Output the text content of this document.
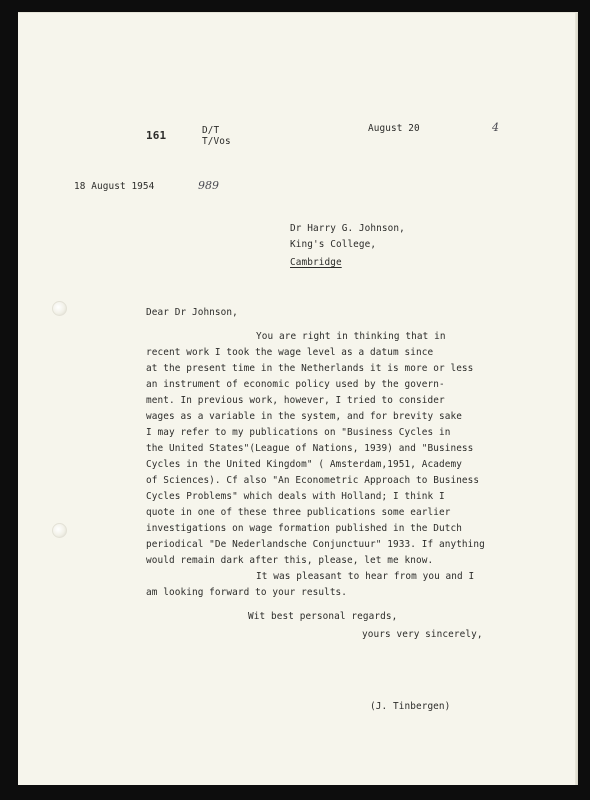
161	D/T
T/Vos
August 20	4
18 August 1954	989
Dr Harry G. Johnson,
King's College,
Cambridge
Dear Dr Johnson,
You are right in thinking that in
recent work I took the wage level as a datum since
at the present time in the Netherlands it is more or less
an instrument of economic policy used by the govern-
ment. In previous work, however, I tried to consider
wages as a variable in the system, and for brevity sake
I may refer to my publications on "Business Cycles in
the United States"(League of Nations, 1939) and "Business
Cycles in the United Kingdom" ( Amsterdam,1951, Academy
of Sciences). Cf also "An Econometric Approach to Business
Cycles Problems" which deals with Holland; I think I
quote in one of these three publications some earlier
investigations on wage formation published in the Dutch
periodical "De Nederlandsche Conjunctuur" 1933. If anything
would remain dark after this, please, let me know.
It was pleasant to hear from you and I
am looking forward to your results.
Wit best personal regards,
yours very sincerely,
(J. Tinbergen)
